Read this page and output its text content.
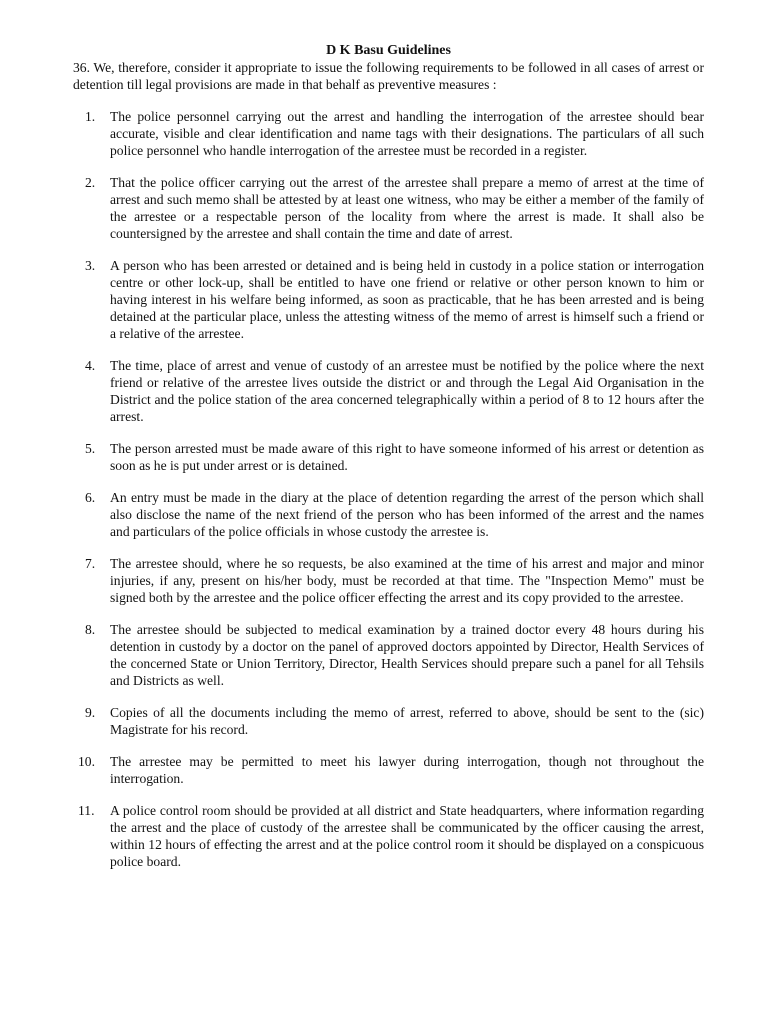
D K Basu Guidelines

36. We, therefore, consider it appropriate to issue the following requirements to be followed in all cases of arrest or detention till legal provisions are made in that behalf as preventive measures :

1.	The police personnel carrying out the arrest and handling the interrogation of the arrestee should bear accurate, visible and clear identification and name tags with their designations. The particulars of all such police personnel who handle interrogation of the arrestee must be recorded in a register.
2.	That the police officer carrying out the arrest of the arrestee shall prepare a memo of arrest at the time of arrest and such memo shall be attested by at least one witness, who may be either a member of the family of the arrestee or a respectable person of the locality from where the arrest is made. It shall also be countersigned by the arrestee and shall contain the time and date of arrest.
3.	A person who has been arrested or detained and is being held in custody in a police station or interrogation centre or other lock-up, shall be entitled to have one friend or relative or other person known to him or having interest in his welfare being informed, as soon as practicable, that he has been arrested and is being detained at the particular place, unless the attesting witness of the memo of arrest is himself such a friend or a relative of the arrestee.
4.	The time, place of arrest and venue of custody of an arrestee must be notified by the police where the next friend or relative of the arrestee lives outside the district or and through the Legal Aid Organisation in the District and the police station of the area concerned telegraphically within a period of 8 to 12 hours after the arrest.
5.	The person arrested must be made aware of this right to have someone informed of his arrest or detention as soon as he is put under arrest or is detained.
6.	An entry must be made in the diary at the place of detention regarding the arrest of the person which shall also disclose the name of the next friend of the person who has been informed of the arrest and the names and particulars of the police officials in whose custody the arrestee is.
7.	The arrestee should, where he so requests, be also examined at the time of his arrest and major and minor injuries, if any, present on his/her body, must be recorded at that time. The "Inspection Memo" must be signed both by the arrestee and the police officer effecting the arrest and its copy provided to the arrestee.
8.	The arrestee should be subjected to medical examination by a trained doctor every 48 hours during his detention in custody by a doctor on the panel of approved doctors appointed by Director, Health Services of the concerned State or Union Territory, Director, Health Services should prepare such a panel for all Tehsils and Districts as well.
9.	Copies of all the documents including the memo of arrest, referred to above, should be sent to the (sic) Magistrate for his record.
10.	The arrestee may be permitted to meet his lawyer during interrogation, though not throughout the interrogation.
11.	A police control room should be provided at all district and State headquarters, where information regarding the arrest and the place of custody of the arrestee shall be communicated by the officer causing the arrest, within 12 hours of effecting the arrest and at the police control room it should be displayed on a conspicuous police board.
